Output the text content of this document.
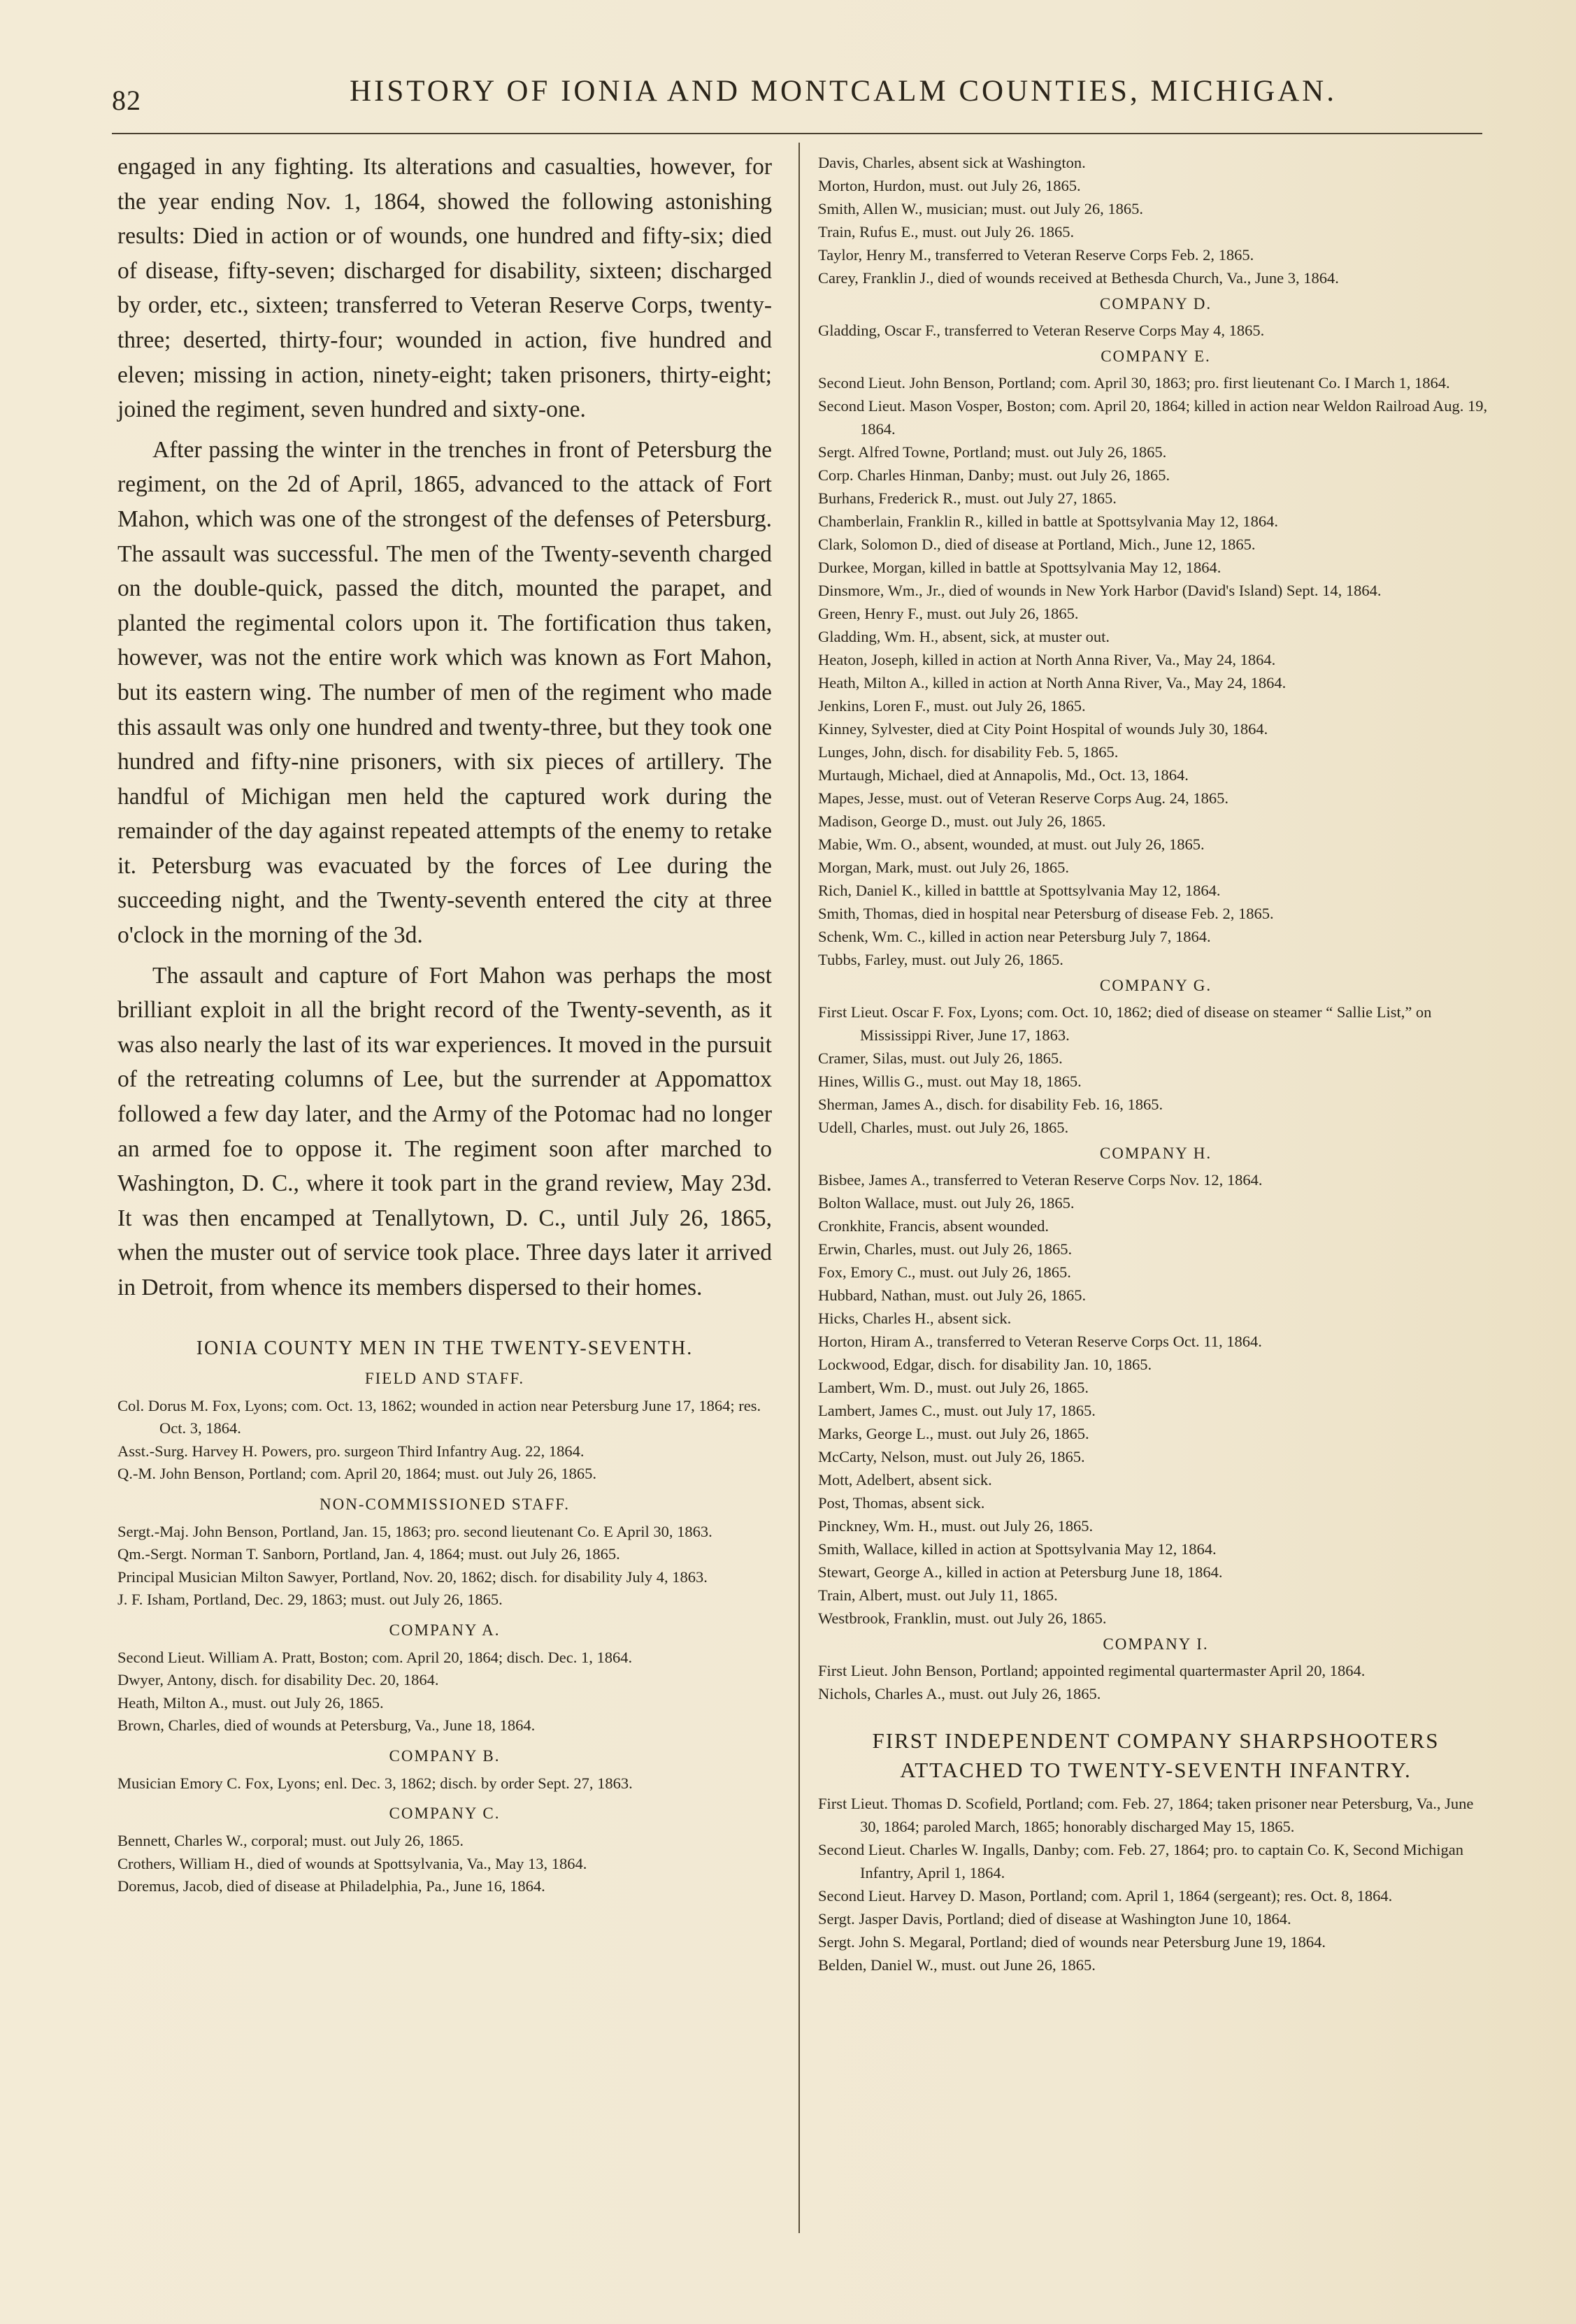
82	HISTORY OF IONIA AND MONTCALM COUNTIES, MICHIGAN.

engaged in any fighting. Its alterations and casualties, however, for the year ending Nov. 1, 1864, showed the following astonishing results: Died in action or of wounds, one hundred and fifty-six; died of disease, fifty-seven; discharged for disability, sixteen; discharged by order, etc., sixteen; transferred to Veteran Reserve Corps, twenty-three; deserted, thirty-four; wounded in action, five hundred and eleven; missing in action, ninety-eight; taken prisoners, thirty-eight; joined the regiment, seven hundred and sixty-one.

After passing the winter in the trenches in front of Petersburg the regiment, on the 2d of April, 1865, advanced to the attack of Fort Mahon, which was one of the strongest of the defenses of Petersburg. The assault was successful. The men of the Twenty-seventh charged on the double-quick, passed the ditch, mounted the parapet, and planted the regimental colors upon it. The fortification thus taken, however, was not the entire work which was known as Fort Mahon, but its eastern wing. The number of men of the regiment who made this assault was only one hundred and twenty-three, but they took one hundred and fifty-nine prisoners, with six pieces of artillery. The handful of Michigan men held the captured work during the remainder of the day against repeated attempts of the enemy to retake it. Petersburg was evacuated by the forces of Lee during the succeeding night, and the Twenty-seventh entered the city at three o'clock in the morning of the 3d.

The assault and capture of Fort Mahon was perhaps the most brilliant exploit in all the bright record of the Twenty-seventh, as it was also nearly the last of its war experiences. It moved in the pursuit of the retreating columns of Lee, but the surrender at Appomattox followed a few day later, and the Army of the Potomac had no longer an armed foe to oppose it. The regiment soon after marched to Washington, D. C., where it took part in the grand review, May 23d. It was then encamped at Tenallytown, D. C., until July 26, 1865, when the muster out of service took place. Three days later it arrived in Detroit, from whence its members dispersed to their homes.

IONIA COUNTY MEN IN THE TWENTY-SEVENTH.
FIELD AND STAFF.

Col. Dorus M. Fox, Lyons; com. Oct. 13, 1862; wounded in action near Petersburg June 17, 1864; res. Oct. 3, 1864.

Asst.-Surg. Harvey H. Powers, pro. surgeon Third Infantry Aug. 22, 1864.

Q.-M. John Benson, Portland; com. April 20, 1864; must. out July 26, 1865.

NON-COMMISSIONED STAFF.

Sergt.-Maj. John Benson, Portland, Jan. 15, 1863; pro. second lieutenant Co. E April 30, 1863.

Qm.-Sergt. Norman T. Sanborn, Portland, Jan. 4, 1864; must. out July 26, 1865.

Principal Musician Milton Sawyer, Portland, Nov. 20, 1862; disch. for disability July 4, 1863.

J. F. Isham, Portland, Dec. 29, 1863; must. out July 26, 1865.

COMPANY A.

Second Lieut. William A. Pratt, Boston; com. April 20, 1864; disch. Dec. 1, 1864.

Dwyer, Antony, disch. for disability Dec. 20, 1864.

Heath, Milton A., must. out July 26, 1865.

Brown, Charles, died of wounds at Petersburg, Va., June 18, 1864.

COMPANY B.

Musician Emory C. Fox, Lyons; enl. Dec. 3, 1862; disch. by order Sept. 27, 1863.

COMPANY C.

Bennett, Charles W., corporal; must. out July 26, 1865.

Crothers, William H., died of wounds at Spottsylvania, Va., May 13, 1864.

Doremus, Jacob, died of disease at Philadelphia, Pa., June 16, 1864.

Davis, Charles, absent sick at Washington.

Morton, Hurdon, must. out July 26, 1865.

Smith, Allen W., musician; must. out July 26, 1865.

Train, Rufus E., must. out July 26. 1865.

Taylor, Henry M., transferred to Veteran Reserve Corps Feb. 2, 1865.

Carey, Franklin J., died of wounds received at Bethesda Church, Va., June 3, 1864.

COMPANY D.

Gladding, Oscar F., transferred to Veteran Reserve Corps May 4, 1865.

COMPANY E.

Second Lieut. John Benson, Portland; com. April 30, 1863; pro. first lieutenant Co. I March 1, 1864.

Second Lieut. Mason Vosper, Boston; com. April 20, 1864; killed in action near Weldon Railroad Aug. 19, 1864.

Sergt. Alfred Towne, Portland; must. out July 26, 1865.

Corp. Charles Hinman, Danby; must. out July 26, 1865.

Burhans, Frederick R., must. out July 27, 1865.

Chamberlain, Franklin R., killed in battle at Spottsylvania May 12, 1864.

Clark, Solomon D., died of disease at Portland, Mich., June 12, 1865.

Durkee, Morgan, killed in battle at Spottsylvania May 12, 1864.

Dinsmore, Wm., Jr., died of wounds in New York Harbor (David's Island) Sept. 14, 1864.

Green, Henry F., must. out July 26, 1865.

Gladding, Wm. H., absent, sick, at muster out.

Heaton, Joseph, killed in action at North Anna River, Va., May 24, 1864.

Heath, Milton A., killed in action at North Anna River, Va., May 24, 1864.

Jenkins, Loren F., must. out July 26, 1865.

Kinney, Sylvester, died at City Point Hospital of wounds July 30, 1864.

Lunges, John, disch. for disability Feb. 5, 1865.

Murtaugh, Michael, died at Annapolis, Md., Oct. 13, 1864.

Mapes, Jesse, must. out of Veteran Reserve Corps Aug. 24, 1865.

Madison, George D., must. out July 26, 1865.

Mabie, Wm. O., absent, wounded, at must. out July 26, 1865.

Morgan, Mark, must. out July 26, 1865.

Rich, Daniel K., killed in batttle at Spottsylvania May 12, 1864.

Smith, Thomas, died in hospital near Petersburg of disease Feb. 2, 1865.

Schenk, Wm. C., killed in action near Petersburg July 7, 1864.

Tubbs, Farley, must. out July 26, 1865.

COMPANY G.

First Lieut. Oscar F. Fox, Lyons; com. Oct. 10, 1862; died of disease on steamer “ Sallie List,” on Mississippi River, June 17, 1863.

Cramer, Silas, must. out July 26, 1865.

Hines, Willis G., must. out May 18, 1865.

Sherman, James A., disch. for disability Feb. 16, 1865.

Udell, Charles, must. out July 26, 1865.

COMPANY H.

Bisbee, James A., transferred to Veteran Reserve Corps Nov. 12, 1864.

Bolton Wallace, must. out July 26, 1865.

Cronkhite, Francis, absent wounded.

Erwin, Charles, must. out July 26, 1865.

Fox, Emory C., must. out July 26, 1865.

Hubbard, Nathan, must. out July 26, 1865.

Hicks, Charles H., absent sick.

Horton, Hiram A., transferred to Veteran Reserve Corps Oct. 11, 1864.

Lockwood, Edgar, disch. for disability Jan. 10, 1865.

Lambert, Wm. D., must. out July 26, 1865.

Lambert, James C., must. out July 17, 1865.

Marks, George L., must. out July 26, 1865.

McCarty, Nelson, must. out July 26, 1865.

Mott, Adelbert, absent sick.

Post, Thomas, absent sick.

Pinckney, Wm. H., must. out July 26, 1865.

Smith, Wallace, killed in action at Spottsylvania May 12, 1864.

Stewart, George A., killed in action at Petersburg June 18, 1864.

Train, Albert, must. out July 11, 1865.

Westbrook, Franklin, must. out July 26, 1865.

COMPANY I.

First Lieut. John Benson, Portland; appointed regimental quartermaster April 20, 1864.

Nichols, Charles A., must. out July 26, 1865.

FIRST INDEPENDENT COMPANY SHARPSHOOTERS ATTACHED TO TWENTY-SEVENTH INFANTRY.

First Lieut. Thomas D. Scofield, Portland; com. Feb. 27, 1864; taken prisoner near Petersburg, Va., June 30, 1864; paroled March, 1865; honorably discharged May 15, 1865.

Second Lieut. Charles W. Ingalls, Danby; com. Feb. 27, 1864; pro. to captain Co. K, Second Michigan Infantry, April 1, 1864.

Second Lieut. Harvey D. Mason, Portland; com. April 1, 1864 (sergeant); res. Oct. 8, 1864.

Sergt. Jasper Davis, Portland; died of disease at Washington June 10, 1864.

Sergt. John S. Megaral, Portland; died of wounds near Petersburg June 19, 1864.

Belden, Daniel W., must. out June 26, 1865.
